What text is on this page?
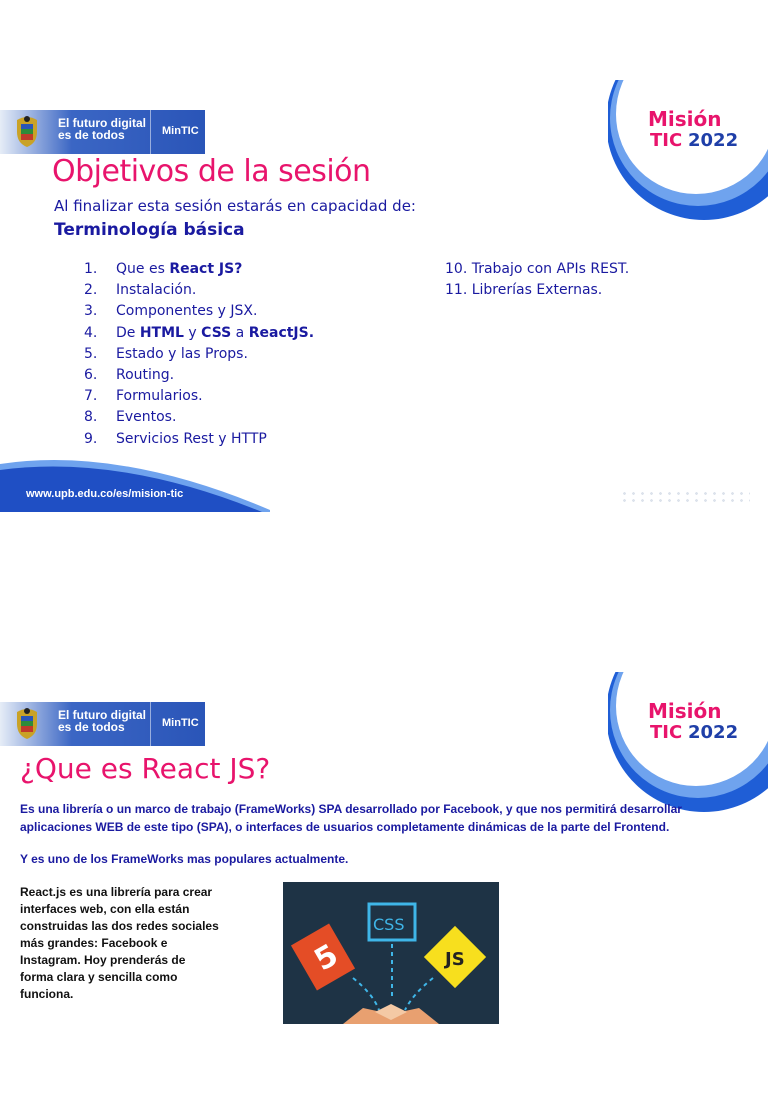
El futuro digital
es de todos	MinTIC	Misión
TIC 2022
Objetivos de la sesión
Al finalizar esta sesión estarás en capacidad de:
Terminología básica
1. Que es React JS?
2. Instalación.
3. Componentes y JSX.
4. De HTML y CSS a ReactJS.
5. Estado y las Props.
6. Routing.
7. Formularios.
8. Eventos.
9. Servicios Rest y HTTP
10. Trabajo con APIs REST.
11. Librerías Externas.
www.upb.edu.co/es/mision-tic
El futuro digital
es de todos	MinTIC	Misión
TIC 2022
¿Que es React JS?
Es una librería o un marco de trabajo (FrameWorks) SPA desarrollado por Facebook, y que nos permitirá desarrollar aplicaciones WEB de este tipo (SPA), o interfaces de usuarios completamente dinámicas de la parte del Frontend.
Y es uno de los FrameWorks mas populares actualmente.
React.js es una librería para crear interfaces web, con ella están construidas las dos redes sociales más grandes: Facebook e Instagram. Hoy prenderás de forma clara y sencilla como funciona.
5
CSS
JS
